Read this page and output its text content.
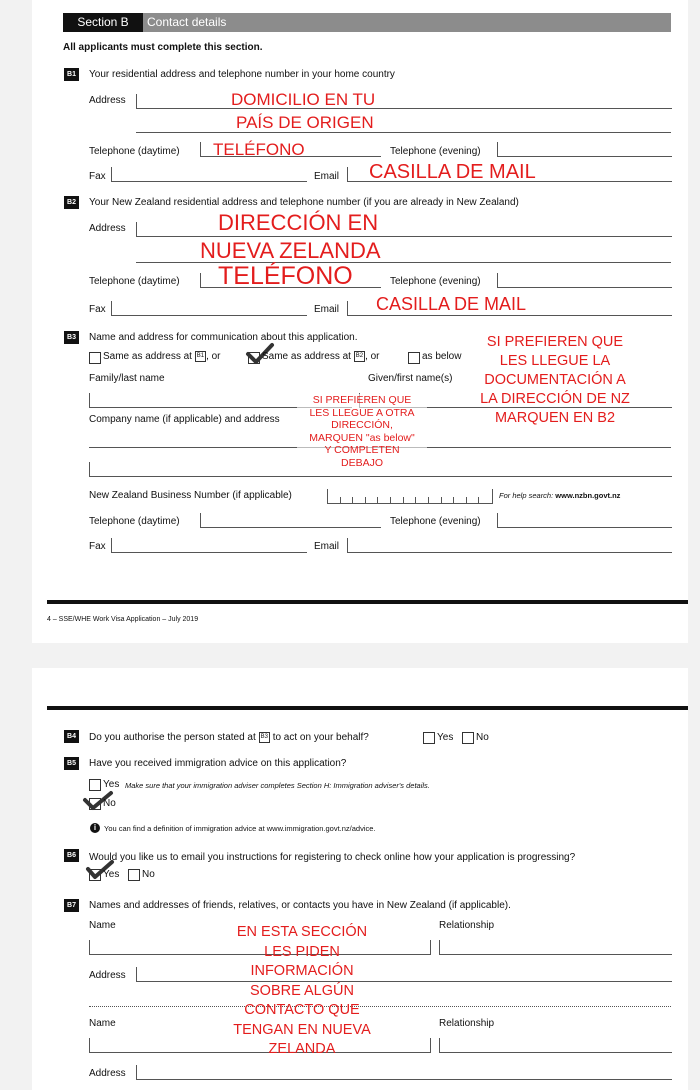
Section B	Contact details
All applicants must complete this section.
B1	Your residential address and telephone number in your home country
Address
Telephone (daytime)	Telephone (evening)
Fax	Email
DOMICILIO EN TU
PAÍS DE ORIGEN
TELÉFONO
CASILLA DE MAIL
B2	Your New Zealand residential address and telephone number (if you are already in New Zealand)
Address
Telephone (daytime)	Telephone (evening)
Fax	Email
DIRECCIÓN EN
NUEVA ZELANDA
TELÉFONO
CASILLA DE MAIL
B3	Name and address for communication about this application.
Same as address at B1 , or	Same as address at B2 , or	as below
Family/last name	Given/first name(s)
Company name (if applicable) and address
New Zealand Business Number (if applicable)	For help search: www.nzbn.govt.nz
Telephone (daytime)	Telephone (evening)
Fax	Email
SI PREFIEREN QUE
LES LLEGUE LA
DOCUMENTACIÓN A
LA DIRECCIÓN DE NZ
MARQUEN EN B2
SI PREFIEREN QUE
LES LLEGUE A OTRA
DIRECCIÓN,
MARQUEN "as below"
Y COMPLETEN
DEBAJO
4 – SSE/WHE Work Visa Application – July 2019
B4	Do you authorise the person stated at B3 to act on your behalf?	Yes No
B5	Have you received immigration advice on this application?
Yes Make sure that your immigration adviser completes Section H: Immigration adviser's details.
No
i	You can find a definition of immigration advice at www.immigration.govt.nz/advice.
B6	Would you like us to email you instructions for registering to check online how your application is progressing?
Yes No
B7	Names and addresses of friends, relatives, or contacts you have in New Zealand (if applicable).
Name	Relationship
Address
Name	Relationship
Address
EN ESTA SECCIÓN
LES PIDEN
INFORMACIÓN
SOBRE ALGÚN
CONTACTO QUE
TENGAN EN NUEVA
ZELANDA
